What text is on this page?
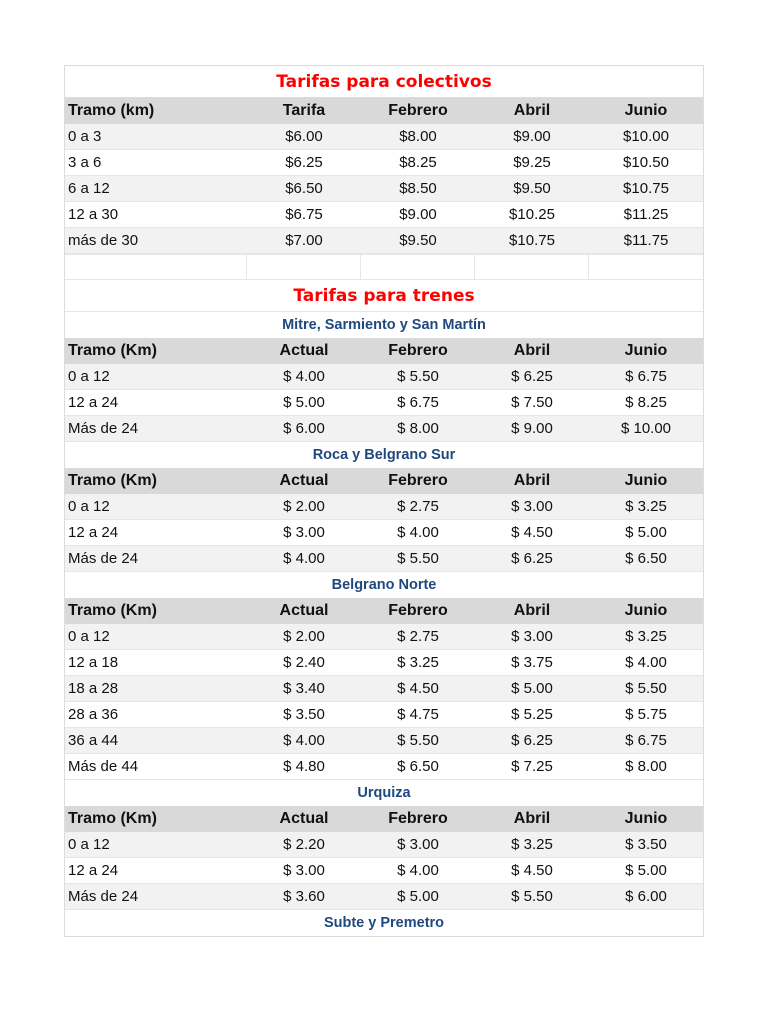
Tarifas para colectivos
Tramo (km)	Tarifa	Febrero	Abril	Junio
0 a 3	$6.00	$8.00	$9.00	$10.00
3 a 6	$6.25	$8.25	$9.25	$10.50
6 a 12	$6.50	$8.50	$9.50	$10.75
12 a 30	$6.75	$9.00	$10.25	$11.25
más de 30	$7.00	$9.50	$10.75	$11.75
Tarifas para trenes
Mitre, Sarmiento y San Martín
Tramo (Km)	Actual	Febrero	Abril	Junio
0 a 12	$ 4.00	$ 5.50	$ 6.25	$ 6.75
12 a 24	$ 5.00	$ 6.75	$ 7.50	$ 8.25
Más de 24	$ 6.00	$ 8.00	$ 9.00	$ 10.00
Roca y Belgrano Sur
Tramo (Km)	Actual	Febrero	Abril	Junio
0 a 12	$ 2.00	$ 2.75	$ 3.00	$ 3.25
12 a 24	$ 3.00	$ 4.00	$ 4.50	$ 5.00
Más de 24	$ 4.00	$ 5.50	$ 6.25	$ 6.50
Belgrano Norte
Tramo (Km)	Actual	Febrero	Abril	Junio
0 a 12	$ 2.00	$ 2.75	$ 3.00	$ 3.25
12 a 18	$ 2.40	$ 3.25	$ 3.75	$ 4.00
18 a 28	$ 3.40	$ 4.50	$ 5.00	$ 5.50
28 a 36	$ 3.50	$ 4.75	$ 5.25	$ 5.75
36 a 44	$ 4.00	$ 5.50	$ 6.25	$ 6.75
Más de 44	$ 4.80	$ 6.50	$ 7.25	$ 8.00
Urquiza
Tramo (Km)	Actual	Febrero	Abril	Junio
0 a 12	$ 2.20	$ 3.00	$ 3.25	$ 3.50
12 a 24	$ 3.00	$ 4.00	$ 4.50	$ 5.00
Más de 24	$ 3.60	$ 5.00	$ 5.50	$ 6.00
Subte y Premetro
